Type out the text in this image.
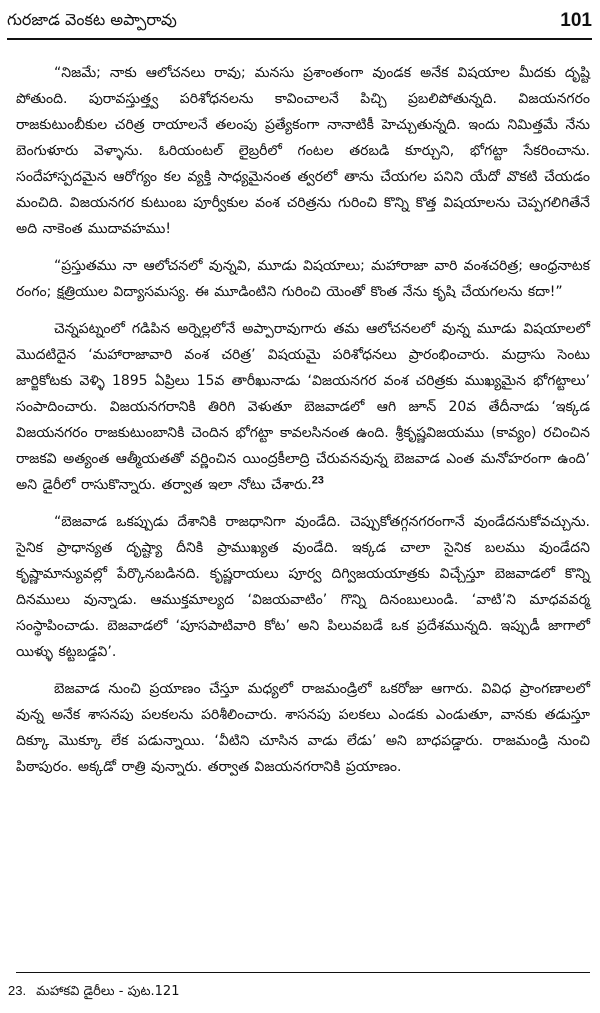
గురజాడ వెంకట అప్పారావు	101

“నిజమే; నాకు ఆలోచనలు రావు; మనసు ప్రశాంతంగా వుండక అనేక విషయాల మీదకు దృష్టి పోతుంది. పురావస్తుత్త్వ పరిశోధనలను కావించాలనే పిచ్చి ప్రబలిపోతున్నది. విజయనగరం రాజకుటుంబీకుల చరిత్ర రాయాలనే తలంపు ప్రత్యేకంగా నానాటికీ హెచ్చుతున్నది. ఇందు నిమిత్తమే నేను బెంగుళూరు వెళ్ళాను. ఓరియంటల్ లైబ్రరీలో గంటల తరబడి కూర్చుని, భోగట్టా సేకరించాను. సందేహాస్పదమైన ఆరోగ్యం కల వ్యక్తి సాధ్యమైనంత త్వరలో తాను చేయగల పనిని యేదో వొకటి చేయడం మంచిది. విజయనగర కుటుంబ పూర్వీకుల వంశ చరిత్రను గురించి కొన్ని కొత్త విషయాలను చెప్పగలిగితేనే అది నాకెంత ముదావహము!

“ప్రస్తుతము నా ఆలోచనలో వున్నవి, మూడు విషయాలు; మహారాజా వారి వంశచరిత్ర; ఆంధ్రనాటక రంగం; క్షత్రియుల విద్యాసమస్య. ఈ మూడింటిని గురించి యెంతో కొంత నేను కృషి చేయగలను కదా!”

చెన్నపట్నంలో గడిపిన అర్నెల్లలోనే అప్పారావుగారు తమ ఆలోచనలలో వున్న మూడు విషయాలలో మొదటిదైన ‘మహారాజావారి వంశ చరిత్ర’ విషయమై పరిశోధనలు ప్రారంభించారు. మద్రాసు సెంటు జార్జికోటకు వెళ్ళి 1895 ఏప్రిలు 15వ తారీఖునాడు ‘విజయనగర వంశ చరిత్రకు ముఖ్యమైన భోగట్టాలు’ సంపాదించారు. విజయనగరానికి తిరిగి వెళుతూ బెజవాడలో ఆగి జూన్ 20వ తేదీనాడు ‘ఇక్కడ విజయనగరం రాజకుటుంబానికి చెందిన భోగట్టా కావలసినంత ఉంది. శ్రీకృష్ణవిజయము (కావ్యం) రచించిన రాజకవి అత్యంత ఆత్మీయతతో వర్ణించిన యింద్రకీలాద్రి చేరువనవున్న బెజవాడ ఎంత మనోహరంగా ఉంది’ అని డైరీలో రాసుకొన్నారు. తర్వాత ఇలా నోటు చేశారు.$^{23}$

“బెజవాడ ఒకప్పుడు దేశానికి రాజధానిగా వుండేది. చెప్పుకోతగ్గనగరంగానే వుండేదనుకోవచ్చును. సైనిక ప్రాధాన్యత దృష్ట్యా దీనికి ప్రాముఖ్యత వుండేది. ఇక్కడ చాలా సైనిక బలము వుండేదని కృష్ణామాన్యువల్లో పేర్కొనబడినది. కృష్ణరాయలు పూర్వ దిగ్విజయయాత్రకు విచ్చేస్తూ బెజవాడలో కొన్ని దినములు వున్నాడు. ఆముక్తమాల్యద ‘విజయవాటిం’ గొన్ని దినంబులుండి. ‘వాటి’ని మాధవవర్మ సంస్థాపించాడు. బెజవాడలో ‘పూసపాటివారి కోట’ అని పిలువబడే ఒక ప్రదేశమున్నది. ఇప్పుడీ జాగాలో యిళ్ళు కట్టబడ్డవి’.

బెజవాడ నుంచి ప్రయాణం చేస్తూ మధ్యలో రాజమండ్రిలో ఒకరోజు ఆగారు. వివిధ ప్రాంగణాలలో వున్న అనేక శాసనపు పలకలను పరిశీలించారు. శాసనపు పలకలు ఎండకు ఎండుతూ, వానకు తడుస్తూ దిక్కూ మొక్కూ లేక పడున్నాయి. ‘వీటిని చూసిన వాడు లేడు’ అని బాధపడ్డారు. రాజమండ్రి నుంచి పిఠాపురం. అక్కడో రాత్రి వున్నారు. తర్వాత విజయనగరానికి ప్రయాణం.

23. మహాకవి డైరీలు - పుట.121
